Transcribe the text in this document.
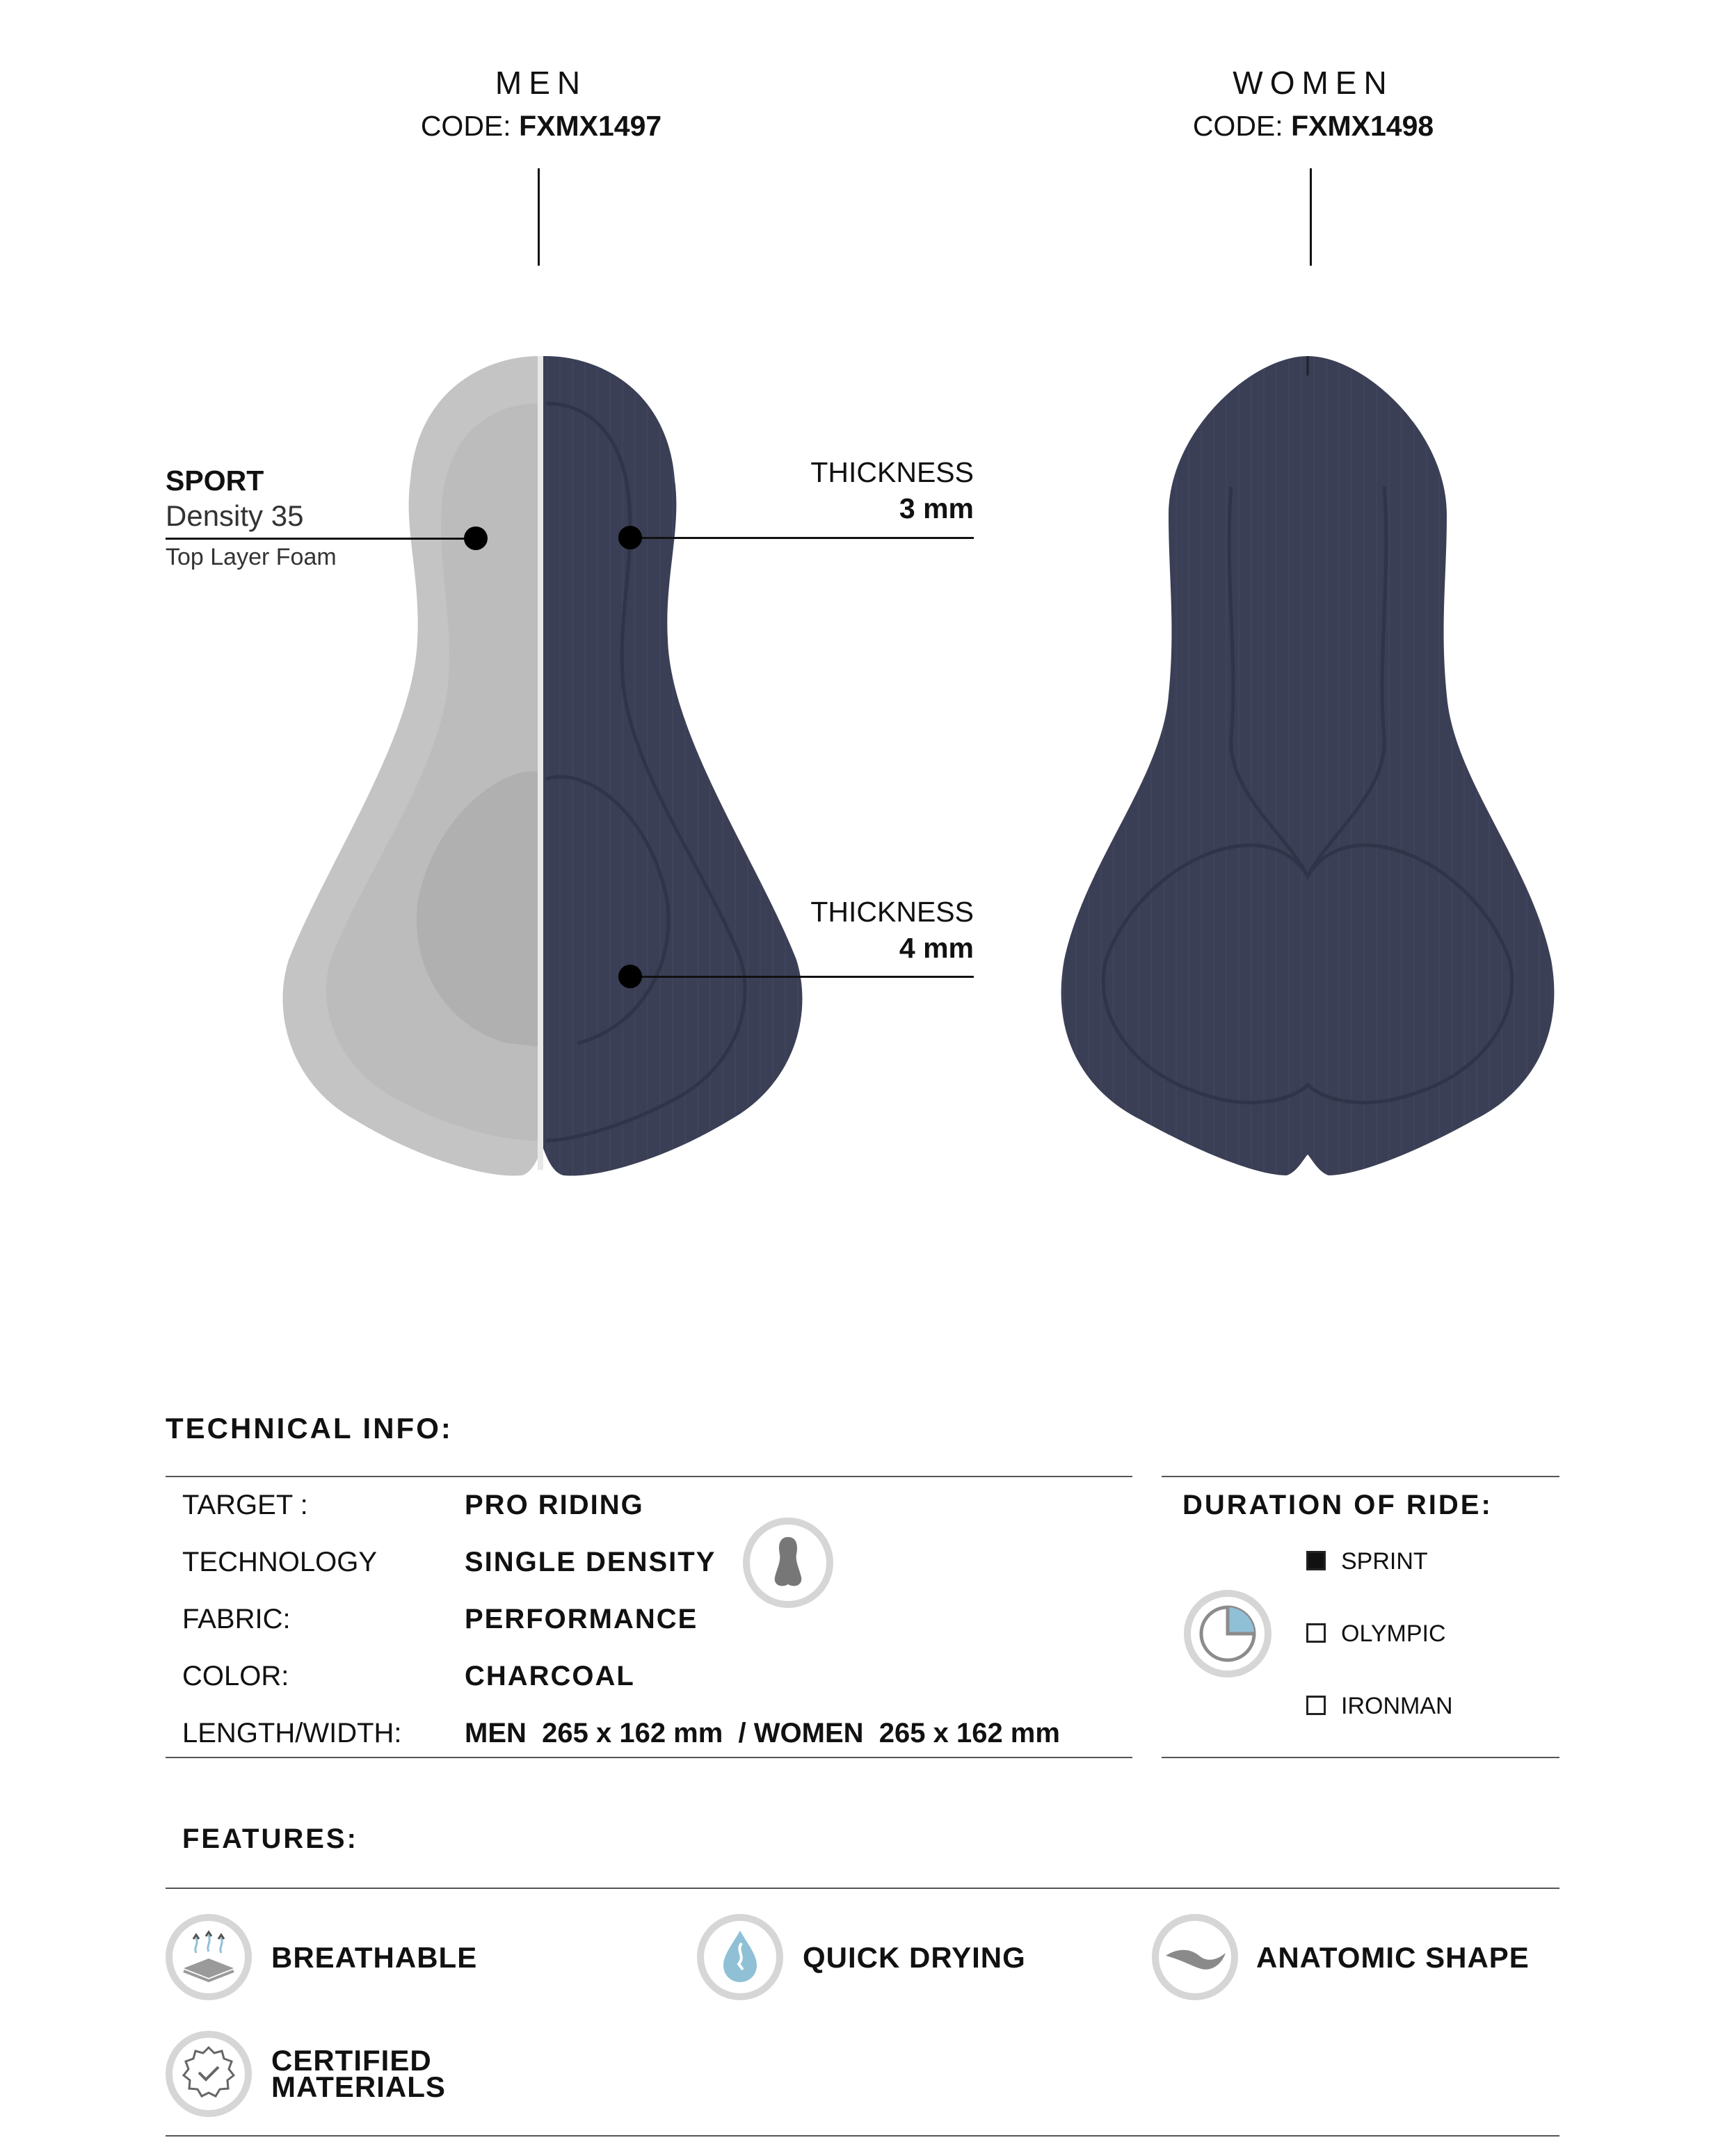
MEN
CODE: FXMX1497
WOMEN
CODE: FXMX1498
SPORT
Density 35
Top Layer Foam
THICKNESS
3 mm
THICKNESS
4 mm
TECHNICAL INFO:
TARGET :	PRO RIDING
TECHNOLOGY	SINGLE DENSITY
FABRIC:	PERFORMANCE
COLOR:	CHARCOAL
LENGTH/WIDTH: MEN  265 x 162 mm  / WOMEN  265 x 162 mm
DURATION OF RIDE:
SPRINT
OLYMPIC
IRONMAN
FEATURES:
BREATHABLE	QUICK DRYING	ANATOMIC SHAPE
CERTIFIED
MATERIALS
